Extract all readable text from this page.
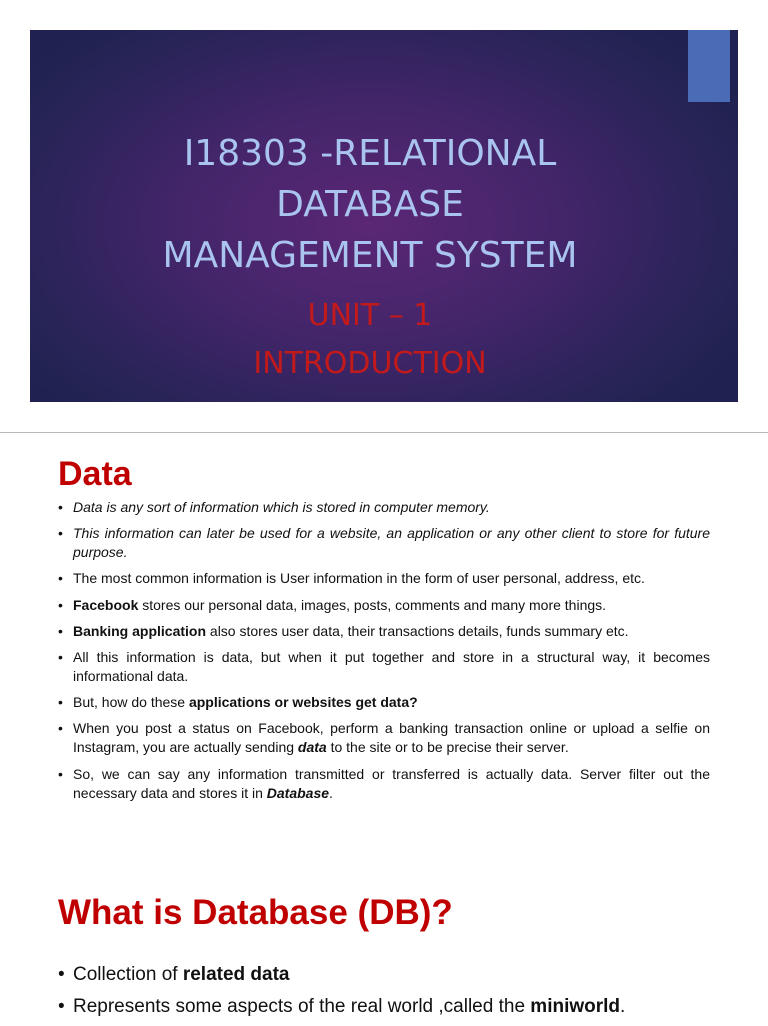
I18303 -RELATIONAL
DATABASE
MANAGEMENT SYSTEM
UNIT – 1
INTRODUCTION
Data
• Data is any sort of information which is stored in computer memory.
• This information can later be used for a website, an application or any other client to store for future purpose.
• The most common information is User information in the form of user personal, address, etc.
• Facebook stores our personal data, images, posts, comments and many more things.
• Banking application also stores user data, their transactions details, funds summary etc.
• All this information is data, but when it put together and store in a structural way, it becomes informational data.
• But, how do these applications or websites get data?
• When you post a status on Facebook, perform a banking transaction online or upload a selfie on Instagram, you are actually sending data to the site or to be precise their server.
• So, we can say any information transmitted or transferred is actually data. Server filter out the necessary data and stores it in Database.
What is Database (DB)?
• Collection of related data
• Represents some aspects of the real world ,called the miniworld.
